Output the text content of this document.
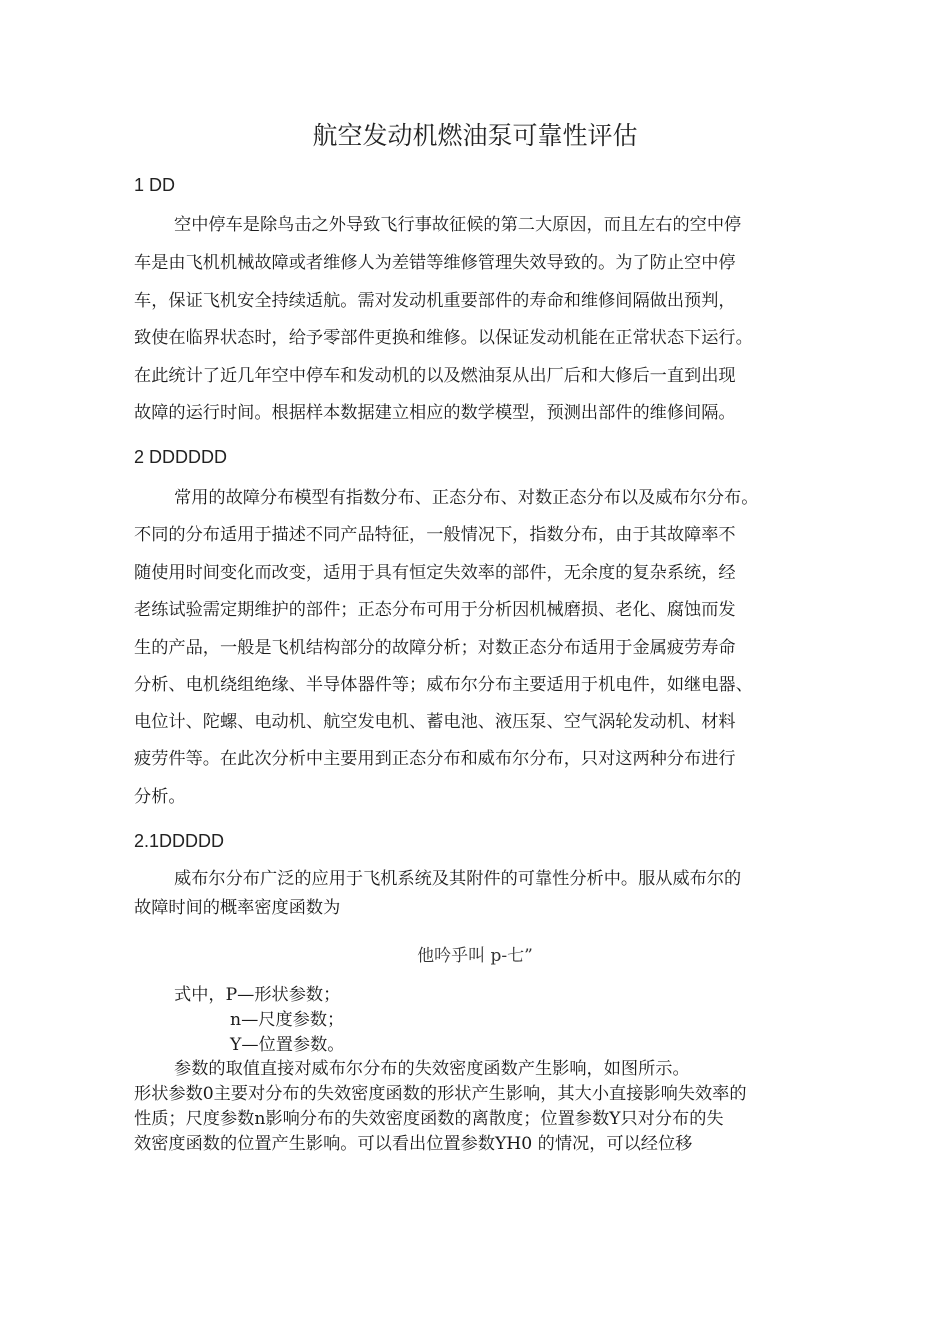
航空发动机燃油泵可靠性评估
1 DD
空中停车是除鸟击之外导致飞行事故征候的第二大原因，而且左右的空中停
车是由飞机机械故障或者维修人为差错等维修管理失效导致的。为了防止空中停
车，保证飞机安全持续适航。需对发动机重要部件的寿命和维修间隔做出预判，
致使在临界状态时，给予零部件更换和维修。以保证发动机能在正常状态下运行。
在此统计了近几年空中停车和发动机的以及燃油泵从出厂后和大修后一直到出现
故障的运行时间。根据样本数据建立相应的数学模型，预测出部件的维修间隔。
2 DDDDDD
常用的故障分布模型有指数分布、正态分布、对数正态分布以及威布尔分布。
不同的分布适用于描述不同产品特征，一般情况下，指数分布，由于其故障率不
随使用时间变化而改变，适用于具有恒定失效率的部件，无余度的复杂系统，经
老练试验需定期维护的部件；正态分布可用于分析因机械磨损、老化、腐蚀而发
生的产品，一般是飞机结构部分的故障分析；对数正态分布适用于金属疲劳寿命
分析、电机绕组绝缘、半导体器件等；威布尔分布主要适用于机电件，如继电器、
电位计、陀螺、电动机、航空发电机、蓄电池、液压泵、空气涡轮发动机、材料
疲劳件等。在此次分析中主要用到正态分布和威布尔分布，只对这两种分布进行
分析。
2.1DDDDD
威布尔分布广泛的应用于飞机系统及其附件的可靠性分析中。服从威布尔的
故障时间的概率密度函数为
他吟乎叫 p-七”
式中，P—形状参数；
n—尺度参数；
Y—位置参数。
参数的取值直接对威布尔分布的失效密度函数产生影响，如图所示。
形状参数0主要对分布的失效密度函数的形状产生影响，其大小直接影响失效率的
性质；尺度参数n影响分布的失效密度函数的离散度；位置参数Y只对分布的失
效密度函数的位置产生影响。可以看出位置参数YH0 的情况，可以经位移
